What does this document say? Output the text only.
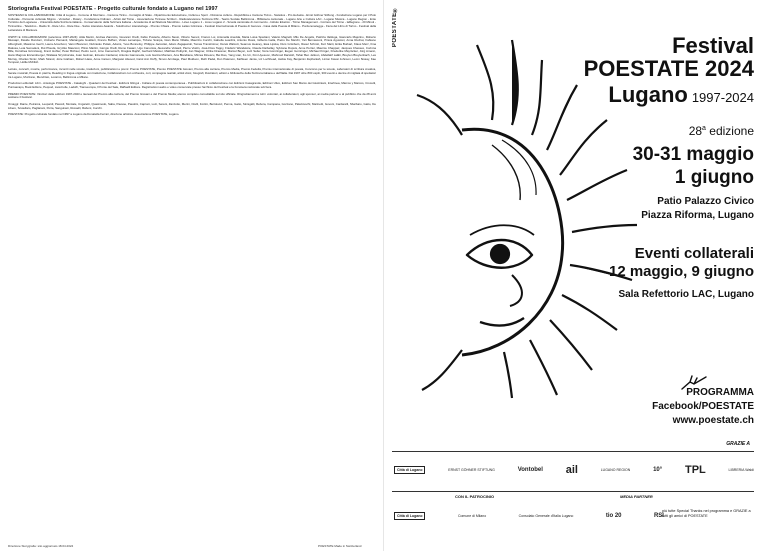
Storiografia Festival POESTATE - Progetto culturale fondato a Lugano nel 1997

SOSTEGNO E COLLABORAZIONE: Città di Lugano - Comune di Muzzano - Cantone Ticino - Consiglio di Stato - Dipartimento Educazione, Cultura e Sport - Divisione cultura - Repubblica e Cantone Ticino - Swisslos - Pro Helvetia - Ernst Göhner Stiftung - Fondazione Lugano per il Polo Culturale - Percento culturale Migros - Vontobel - Rotary - Fondazione Fidinam - Artisti dal Ticino - Associazione Ticinese Scrittori - Radiotelevisione Svizzera RSI - Teatro Sociale Bellinzona - Biblioteca cantonale - Lugano Arte e Cultura LAC - Lugano Musica - Lugano Region - Ente Turistico del Luganese - Università della Svizzera italiana - Conservatorio della Svizzera italiana - Accademia di architettura Mendrisio - Liceo Lugano 1 - Liceo Lugano 2 - Scuola cantonale di commercio - Istituto Elvetico - Ticino Management - Corriere del Ticino - laRegione - 20 Minuti - Ticinonline - Teleticino - Radio 3i - Rete Uno - Rete Due - Swiss Literature Awards - Solothurner Literaturtage - Premio Chiara - Premio Lattes Grinzane - Festival Internazionale di Poesia di Genova - Casa della Poesia di Milano - Pordenonelegge - Fiera del Libro di Torino - Festival della Letteratura di Mantova.

OSPITI E COLLABORAZIONI (selezione 1997-2024): Alda Merini, Andrea Zanzotto, Giovanni Orelli, Fabio Pusterla, Alberto Nessi, Vittorio Sereni, Franco Loi, Antonella Anedda, Maria Luisa Spaziani, Valerio Magrelli, Milo De Angelis, Patrizia Valduga, Giancarlo Majorino, Roberto Mussapi, Davide Rondoni, Umberto Piersanti, Mariangela Gualtieri, Franco Buffoni, Vivian Lamarque, Tiziano Scarpa, Gian Mario Villalta, Maurizio Cucchi, Isabella Leardini, Antonio Rossi, Gilberto Isella, Pietro De Marchi, Yari Bernasconi, Prisca Agustoni, Anna Ruchat, Fabiano Alborghetti, Massimo Gezzi, Laura Accerboni, Vanni Bianconi, Dubravko Pušek, Adonis, Yves Bonnefoy, Philippe Jaccottet, Adam Zagajewski, Tomas Tranströmer, Derek Walcott, Seamus Heaney, Ewa Lipska, Durs Grünbein, Raoul Schrott, Kurt Marti, Erika Burkart, Klaus Merz, Ilma Rakusa, Leta Semadeni, Rut Plouda, Grytzko Mascioni, Plinio Martini, Giorgio Orelli, Remo Fasani, Ugo Canonica, Alexandre Voisard, Pierre Voélin, José-Flore Tappy, Frédéric Wandelère, Claude Darbellay, Sylviane Dupuis, Anne Perrier, Maurice Chappaz, Jacques Chessex, Corinna Bille, Dorothea Grünzweig, Franz Hohler, Peter Bichsel, Pedro Lenz, Arno Camenisch, Dragica Rajčić, Gerhard Meister, Matthias Politycki, Jan Wagner, Ulrike Draesner, Marcel Beyer, Lutz Seiler, Nora Gomringer, Eugen Gomringer, Michael Krüger, Friederike Mayröcker, Jürg Amann, Hans Magnus Enzensberger, Wisława Szymborska, Juan Gelman, Ernesto Cardenal, Antonio Gamoneda, Luis García Montero, Ana Blandiana, Mircea Dinescu, Bei Dao, Yang Lian, Ko Un, Kim Hyesoon, Mahmud Darwish, Tahar Ben Jelloun, Abdellatif Laâbi, Breyten Breytenbach, Les Murray, Charles Simic, Mark Strand, Jorie Graham, Robert Hass, Anne Carson, Margaret Atwood, Carol Ann Duffy, Simon Armitage, Paul Muldoon, Ruth Padel, Don Paterson, Kathleen Jamie, Liz Lochhead, Jackie Kay, Benjamin Zephaniah, Linton Kwesi Johnson, Lemn Sissay, Kae Tempest, Hollie McNish.

Letture, concerti, mostre, performance, incontri nelle scuole, traduzioni, pubblicazioni e premi: Premio POESTATE, Premio POESTATE Giovani, Premio alla carriera, Premio Media, Premio Fedeltà, Premio internazionale di poesia, Concorso per le scuole, Laboratori di scrittura creativa, Serate musicali, Poesia in piazza, Reading in lingua originale con traduzione, Collaborazioni con orchestre, cori, compagnie teatrali, artisti visivi, fotografi, illustratori, editori e biblioteche della Svizzera italiana e dell'Italia. Dal 1997 oltre 800 ospiti, 300 eventi e decine di migliaia di spettatori tra Lugano, Muzzano, Mendrisio, Locarno, Bellinzona e Milano.

Produzioni editoriali: Libri - Antologie POESTATE - Cataloghi - Quaderni del Festival - Edizioni bilingui - Collane di poesia contemporanea - Pubblicazioni in collaborazione con Edizioni Casagrande, Edizioni Ulivo, Edizioni San Marco dei Giustiniani, Interlinea, Marcos y Marcos, Crocetti, Puntoacapo, Book Editore, Pequod, LietoColle, Ladolfi, Transeuropa, Il Ponte del Sale, Raffaelli Editore. Registrazioni audio e video conservate presso l'archivio del Festival e la Fonoteca nazionale svizzera.

PREMIO POESTATE: Vincitori delle edizioni 1997-2023 e laureati del Premio alla carriera, del Premio Giovani e del Premio Media; elenco completo consultabile sul sito ufficiale. Ringraziamenti a tutti i volontari, ai collaboratori, agli sponsor, ai media partner e al pubblico che da 28 anni sostiene il Festival.

Omaggi: Dante, Petrarca, Leopardi, Pascoli, Montale, Ungaretti, Quasimodo, Saba, Pavese, Pasolini, Caproni, Luzi, Sereni, Zanzotto, Merini, Orelli, Fortini, Bertolucci, Penna, Gatto, Sinisgalli, Rebora, Campana, Gozzano, Palazzeschi, Marinetti, Govoni, Cardarelli, Sbarbaro, Gatto, De Libero, Scotellaro, Pagliarani, Porta, Sanguineti, Rosselli, Raboni, Cucchi.

POESTATE: Progetto culturale fondato nel 1997 a Lugano da Donatella Ferrari, direzione artistica. Associazione POESTATE, Lugano.

Direzione Storygrafie: sito aggiornato 18.04.2024	POESTATE Made in Switzerland
POESTATE®	Festival
POESTATE 2024
Lugano 1997-2024
28$^a$ edizione
30-31 maggio
1 giugno
Patio Palazzo Civico
Piazza Riforma, Lugano
Eventi collaterali
12 maggio, 9 giugno
Sala Refettorio LAC, Lugano
PROGRAMMA
Facebook/POESTATE
www.poestate.ch
GRAZIE A
Città di Lugano	ERNST GÖHNER STIFTUNG	Vontobel ail	LUGANO REGION	10° TPL	LIBRERIA Waldi
CON IL PATROCINIO	MEDIA PARTNER
Città di Lugano	Comune di Milano	Consolato Generale d'Italia Lugano	tio 20	RSI
più tutte Special Thanks nel programma e GRAZIE a tutti gli amici di POESTATE
